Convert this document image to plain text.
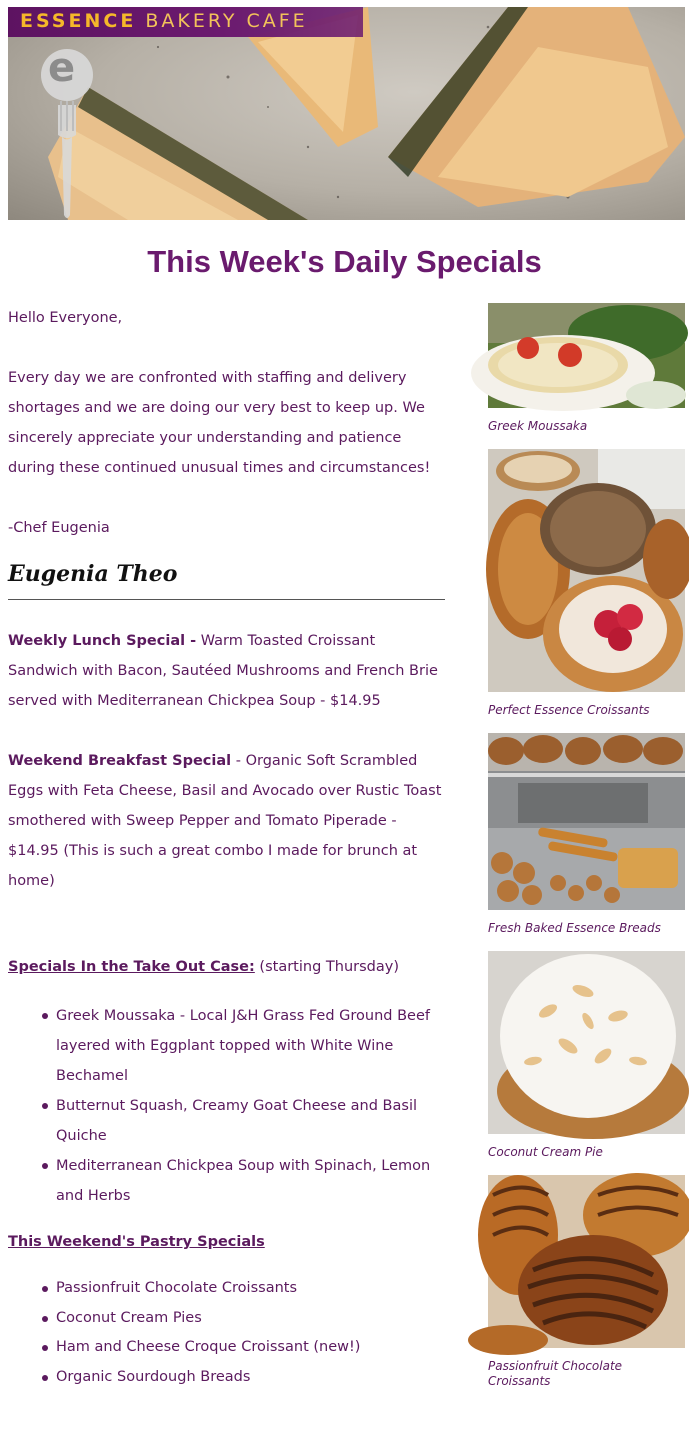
e
ESSENCE BAKERY CAFE
This Week's Daily Specials

Hello Everyone,

Every day we are confronted with staffing and delivery shortages and we are doing our very best to keep up. We sincerely appreciate your understanding and patience during these continued unusual times and circumstances!

-Chef Eugenia

Eugenia Theo

Weekly Lunch Special - Warm Toasted Croissant Sandwich with Bacon, Sautéed Mushrooms and French Brie served with Mediterranean Chickpea Soup - $14.95

Weekend Breakfast Special - Organic Soft Scrambled Eggs with Feta Cheese, Basil and Avocado over Rustic Toast smothered with Sweep Pepper and Tomato Piperade - $14.95 (This is such a great combo I made for brunch at home)

Specials In the Take Out Case: (starting Thursday)

Greek Moussaka - Local J&H Grass Fed Ground Beef layered with Eggplant topped with White Wine Bechamel
Butternut Squash, Creamy Goat Cheese and Basil Quiche
Mediterranean Chickpea Soup with Spinach, Lemon and Herbs

This Weekend's Pastry Specials

Passionfruit Chocolate Croissants
Coconut Cream Pies
Ham and Cheese Croque Croissant (new!)
Organic Sourdough Breads
Greek Moussaka
Perfect Essence Croissants
Fresh Baked Essence Breads
Coconut Cream Pie
Passionfruit Chocolate Croissants
